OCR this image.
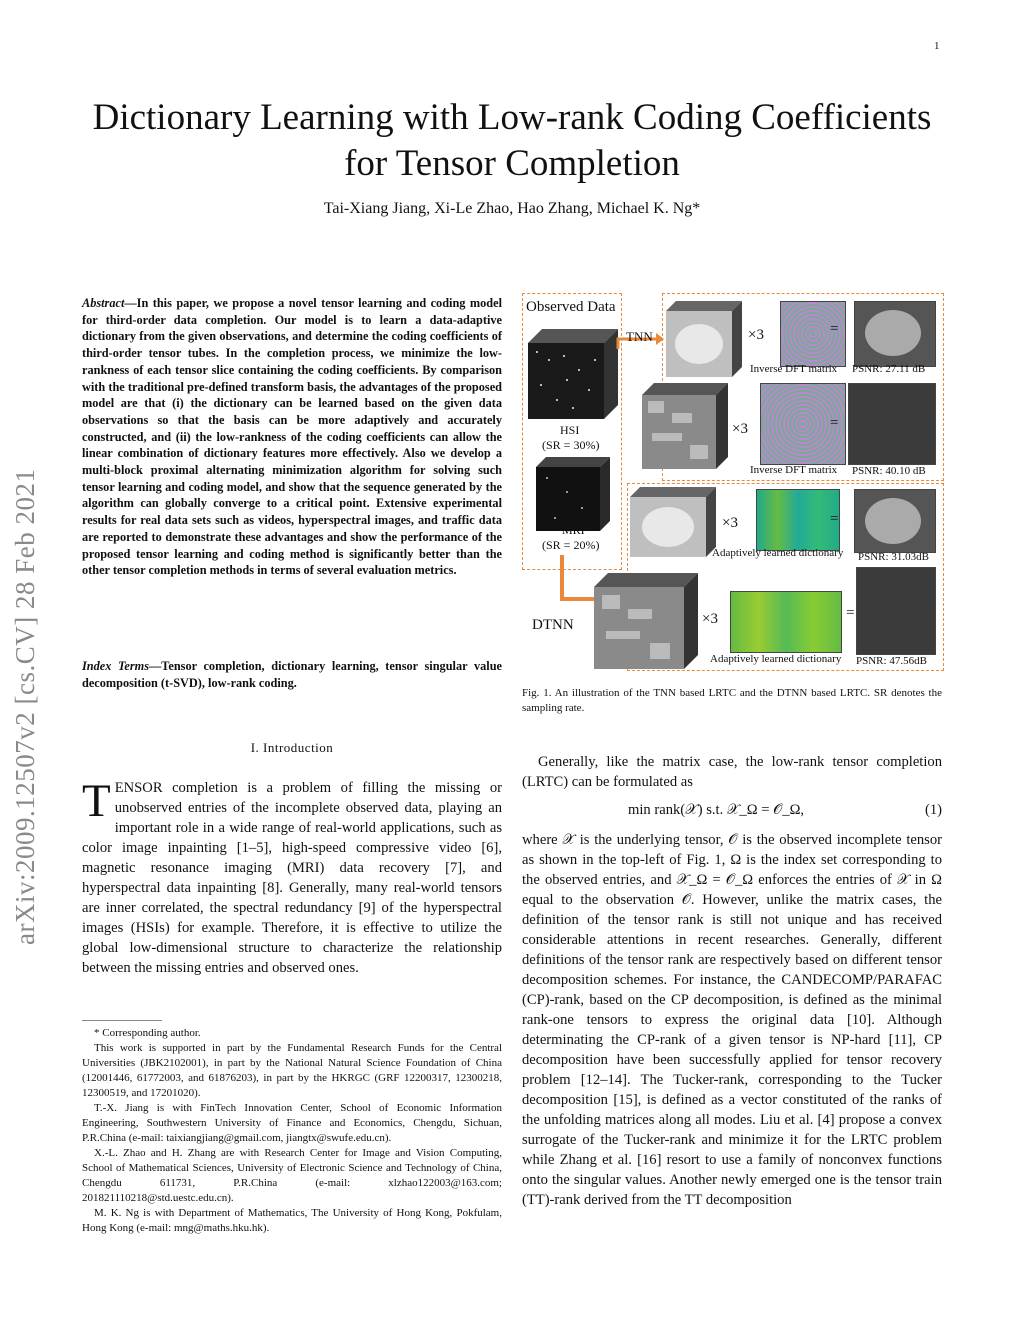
1
arXiv:2009.12507v2 [cs.CV] 28 Feb 2021
Dictionary Learning with Low-rank Coding Coefficients for Tensor Completion
Tai-Xiang Jiang, Xi-Le Zhao, Hao Zhang, Michael K. Ng*
Abstract—In this paper, we propose a novel tensor learning and coding model for third-order data completion. Our model is to learn a data-adaptive dictionary from the given observations, and determine the coding coefficients of third-order tensor tubes. In the completion process, we minimize the low-rankness of each tensor slice containing the coding coefficients. By comparison with the traditional pre-defined transform basis, the advantages of the proposed model are that (i) the dictionary can be learned based on the given data observations so that the basis can be more adaptively and accurately constructed, and (ii) the low-rankness of the coding coefficients can allow the linear combination of dictionary features more effectively. Also we develop a multi-block proximal alternating minimization algorithm for solving such tensor learning and coding model, and show that the sequence generated by the algorithm can globally converge to a critical point. Extensive experimental results for real data sets such as videos, hyperspectral images, and traffic data are reported to demonstrate these advantages and show the performance of the proposed tensor learning and coding method is significantly better than the other tensor completion methods in terms of several evaluation metrics.
Index Terms—Tensor completion, dictionary learning, tensor singular value decomposition (t-SVD), low-rank coding.
I. Introduction
TENSOR completion is a problem of filling the missing or unobserved entries of the incomplete observed data, playing an important role in a wide range of real-world applications, such as color image inpainting [1–5], high-speed compressive video [6], magnetic resonance imaging (MRI) data recovery [7], and hyperspectral data inpainting [8]. Generally, many real-world tensors are inner correlated, the spectral redundancy [9] of the hyperspectral images (HSIs) for example. Therefore, it is effective to utilize the global low-dimensional structure to characterize the relationship between the missing entries and observed ones.

* Corresponding author.

This work is supported in part by the Fundamental Research Funds for the Central Universities (JBK2102001), in part by the National Natural Science Foundation of China (12001446, 61772003, and 61876203), in part by the HKRGC (GRF 12200317, 12300218, 12300519, and 17201020).

T.-X. Jiang is with FinTech Innovation Center, School of Economic Information Engineering, Southwestern University of Finance and Economics, Chengdu, Sichuan, P.R.China (e-mail: taixiangjiang@gmail.com, jiangtx@swufe.edu.cn).

X.-L. Zhao and H. Zhang are with Research Center for Image and Vision Computing, School of Mathematical Sciences, University of Electronic Science and Technology of China, Chengdu 611731, P.R.China (e-mail: xlzhao122003@163.com; 201821110218@std.uestc.edu.cn).

M. K. Ng is with Department of Mathematics, The University of Hong Kong, Pokfulam, Hong Kong (e-mail: mng@maths.hku.hk).

Observed Data
HSI
(SR = 30%)
MRI
(SR = 20%)
TNN
DTNN
×3	=
Inverse DFT matrix PSNR: 27.11 dB
×3	=
Inverse DFT matrix PSNR: 40.10 dB
×3	=
Adaptively learned dictionary PSNR: 31.03dB
×3	=
Adaptively learned dictionary PSNR: 47.56dB
Fig. 1. An illustration of the TNN based LRTC and the DTNN based LRTC. SR denotes the sampling rate.
Generally, like the matrix case, the low-rank tensor completion (LRTC) can be formulated as
min rank(𝒳) s.t. 𝒳_Ω = 𝒪_Ω,	(1)
where 𝒳 is the underlying tensor, 𝒪 is the observed incomplete tensor as shown in the top-left of Fig. 1, Ω is the index set corresponding to the observed entries, and 𝒳_Ω = 𝒪_Ω enforces the entries of 𝒳 in Ω equal to the observation 𝒪. However, unlike the matrix cases, the definition of the tensor rank is still not unique and has received considerable attentions in recent researches. Generally, different definitions of the tensor rank are respectively based on different tensor decomposition schemes. For instance, the CANDECOMP/PARAFAC (CP)-rank, based on the CP decomposition, is defined as the minimal rank-one tensors to express the original data [10]. Although determinating the CP-rank of a given tensor is NP-hard [11], CP decomposition have been successfully applied for tensor recovery problem [12–14]. The Tucker-rank, corresponding to the Tucker decomposition [15], is defined as a vector constituted of the ranks of the unfolding matrices along all modes. Liu et al. [4] propose a convex surrogate of the Tucker-rank and minimize it for the LRTC problem while Zhang et al. [16] resort to use a family of nonconvex functions onto the singular values. Another newly emerged one is the tensor train (TT)-rank derived from the TT decomposition
